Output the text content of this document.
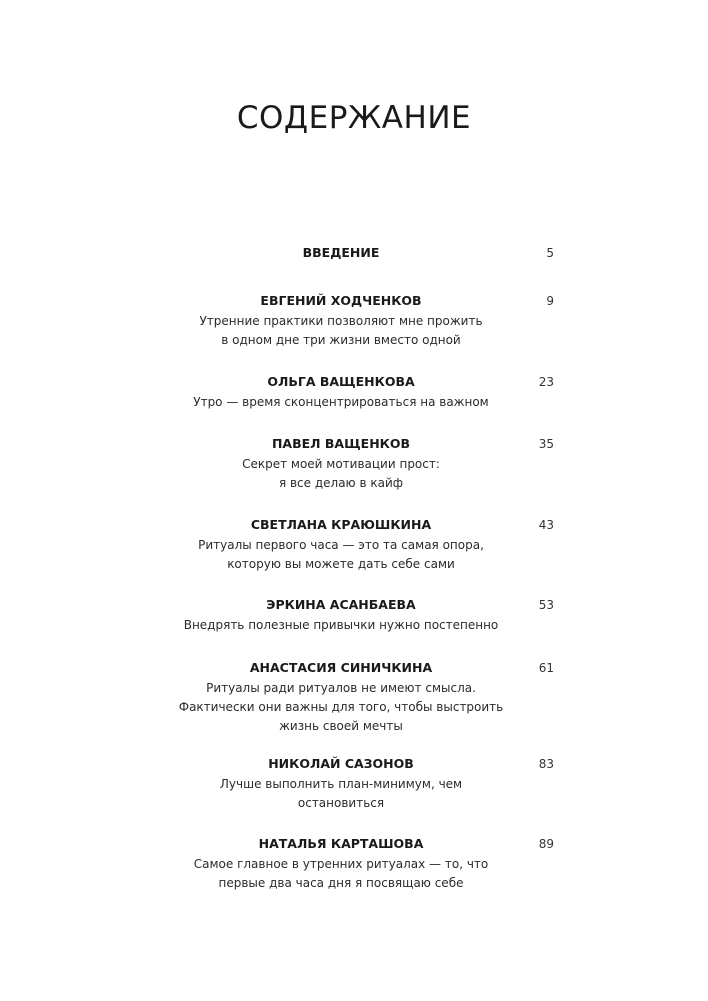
СОДЕРЖАНИЕ
ВВЕДЕНИЕ	5
ЕВГЕНИЙ ХОДЧЕНКОВ	9
Утренние практики позволяют мне прожить
в одном дне три жизни вместо одной
ОЛЬГА ВАЩЕНКОВА	23
Утро — время сконцентрироваться на важном
ПАВЕЛ ВАЩЕНКОВ	35
Секрет моей мотивации прост:
я все делаю в кайф
СВЕТЛАНА КРАЮШКИНА	43
Ритуалы первого часа — это та самая опора,
которую вы можете дать себе сами
ЭРКИНА АСАНБАЕВА	53
Внедрять полезные привычки нужно постепенно
АНАСТАСИЯ СИНИЧКИНА	61
Ритуалы ради ритуалов не имеют смысла.
Фактически они важны для того, чтобы выстроить
жизнь своей мечты
НИКОЛАЙ САЗОНОВ	83
Лучше выполнить план-минимум, чем
остановиться
НАТАЛЬЯ КАРТАШОВА	89
Самое главное в утренних ритуалах — то, что
первые два часа дня я посвящаю себе
